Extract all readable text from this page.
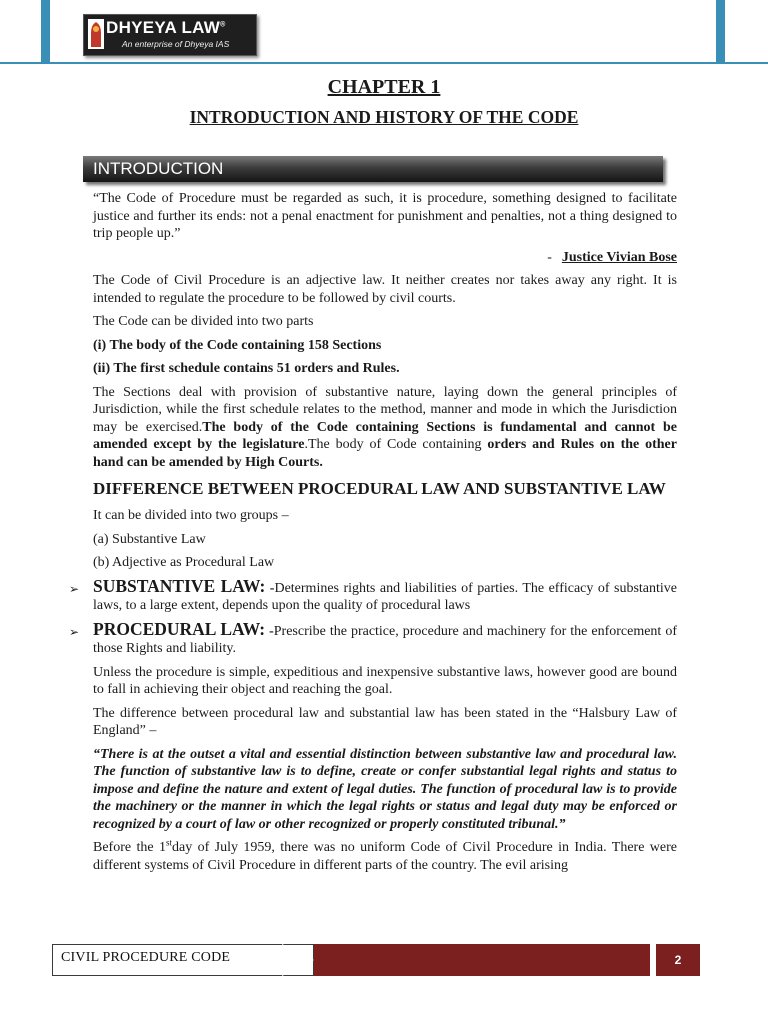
DHYEYA LAW®
An enterprise of Dhyeya IAS
CHAPTER 1
INTRODUCTION AND HISTORY OF THE CODE
INTRODUCTION

“The Code of Procedure must be regarded as such, it is procedure, something designed to facilitate justice and further its ends: not a penal enactment for punishment and penalties, not a thing designed to trip people up.”

- Justice Vivian Bose

The Code of Civil Procedure is an adjective law. It neither creates nor takes away any right. It is intended to regulate the procedure to be followed by civil courts.

The Code can be divided into two parts

(i) The body of the Code containing 158 Sections

(ii) The first schedule contains 51 orders and Rules.

The Sections deal with provision of substantive nature, laying down the general principles of Jurisdiction, while the first schedule relates to the method, manner and mode in which the Jurisdiction may be exercised.The body of the Code containing Sections is fundamental and cannot be amended except by the legislature.The body of Code containing orders and Rules on the other hand can be amended by High Courts.

DIFFERENCE BETWEEN PROCEDURAL LAW AND SUBSTANTIVE LAW

It can be divided into two groups –

(a) Substantive Law

(b) Adjective as Procedural Law

➢ SUBSTANTIVE LAW: -Determines rights and liabilities of parties. The efficacy of substantive laws, to a large extent, depends upon the quality of procedural laws

➢ PROCEDURAL LAW: -Prescribe the practice, procedure and machinery for the enforcement of those Rights and liability.

Unless the procedure is simple, expeditious and inexpensive substantive laws, however good are bound to fall in achieving their object and reaching the goal.

The difference between procedural law and substantial law has been stated in the “Halsbury Law of England” –

“There is at the outset a vital and essential distinction between substantive law and procedural law. The function of substantive law is to define, create or confer substantial legal rights and status to impose and define the nature and extent of legal duties. The function of procedural law is to provide the machinery or the manner in which the legal rights or status and legal duty may be enforced or recognized by a court of law or other recognized or properly constituted tribunal.”

Before the 1stday of July 1959, there was no uniform Code of Civil Procedure in India. There were different systems of Civil Procedure in different parts of the country. The evil arising

CIVIL PROCEDURE CODE	2
